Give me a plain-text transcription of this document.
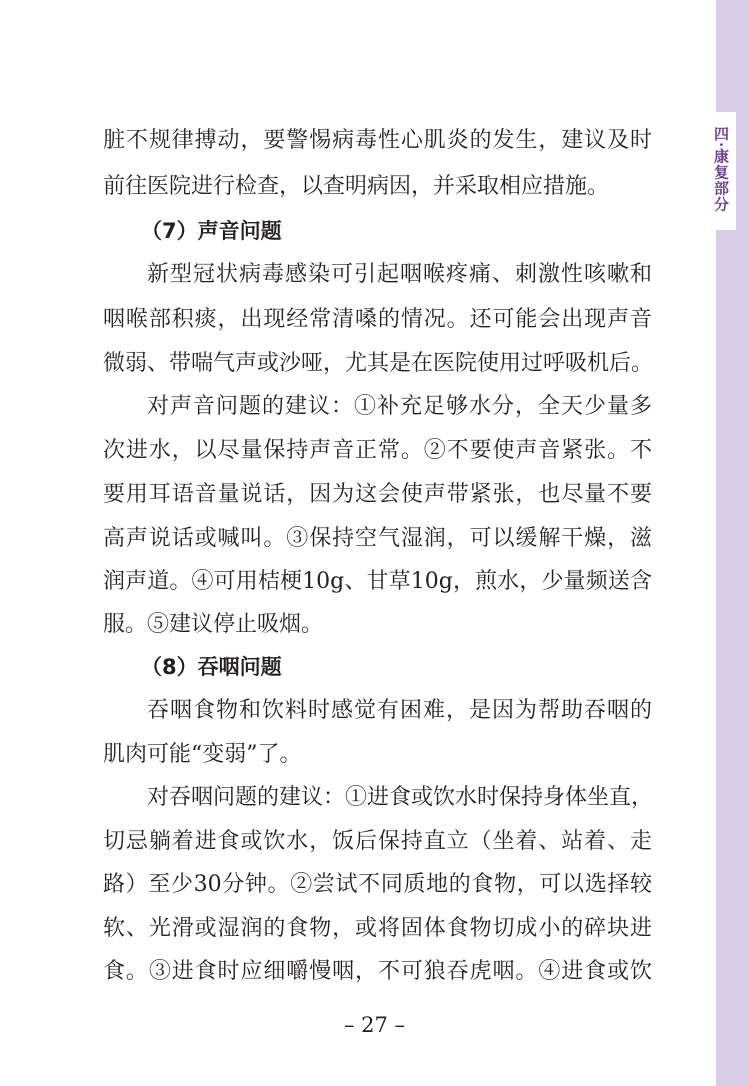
四·康复部分
脏不规律搏动，要警惕病毒性心肌炎的发生，建议及时
前往医院进行检查，以查明病因，并采取相应措施。
（7）声音问题
新型冠状病毒感染可引起咽喉疼痛、刺激性咳嗽和
咽喉部积痰，出现经常清嗓的情况。还可能会出现声音
微弱、带喘气声或沙哑，尤其是在医院使用过呼吸机后。
对声音问题的建议：①补充足够水分，全天少量多
次进水，以尽量保持声音正常。②不要使声音紧张。不
要用耳语音量说话，因为这会使声带紧张，也尽量不要
高声说话或喊叫。③保持空气湿润，可以缓解干燥，滋
润声道。④可用桔梗10g、甘草10g，煎水，少量频送含
服。⑤建议停止吸烟。
（8）吞咽问题
吞咽食物和饮料时感觉有困难，是因为帮助吞咽的
肌肉可能“变弱”了。
对吞咽问题的建议：①进食或饮水时保持身体坐直，
切忌躺着进食或饮水，饭后保持直立（坐着、站着、走
路）至少30分钟。②尝试不同质地的食物，可以选择较
软、光滑或湿润的食物，或将固体食物切成小的碎块进
食。③进食时应细嚼慢咽，不可狼吞虎咽。④进食或饮
– 27 –
